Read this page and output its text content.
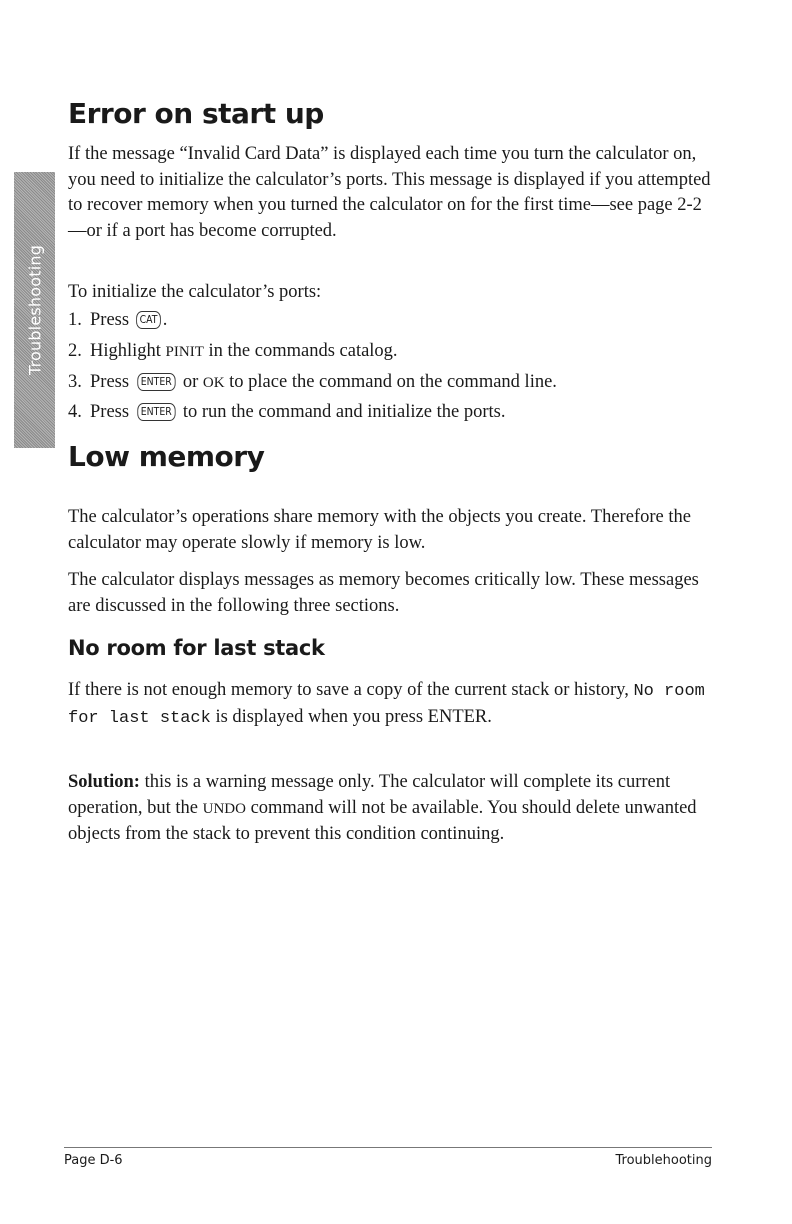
Troubleshooting
Error on start up

If the message “Invalid Card Data” is displayed each time you turn the calculator on, you need to initialize the calculator’s ports. This message is displayed if you attempted to recover memory when you turned the calculator on for the first time—see page 2-2—or if a port has become corrupted.

To initialize the calculator’s ports:

1. Press CAT .
2. Highlight PINIT in the commands catalog.
3. Press ENTER or OK to place the command on the command line.
4. Press ENTER to run the command and initialize the ports.
Low memory

The calculator’s operations share memory with the objects you create. Therefore the calculator may operate slowly if memory is low.

The calculator displays messages as memory becomes critically low. These messages are discussed in the following three sections.

No room for last stack

If there is not enough memory to save a copy of the current stack or history, No room for last stack is displayed when you press ENTER.

Solution: this is a warning message only. The calculator will complete its current operation, but the UNDO command will not be available. You should delete unwanted objects from the stack to prevent this condition continuing.

Page D-6	Troublehooting
